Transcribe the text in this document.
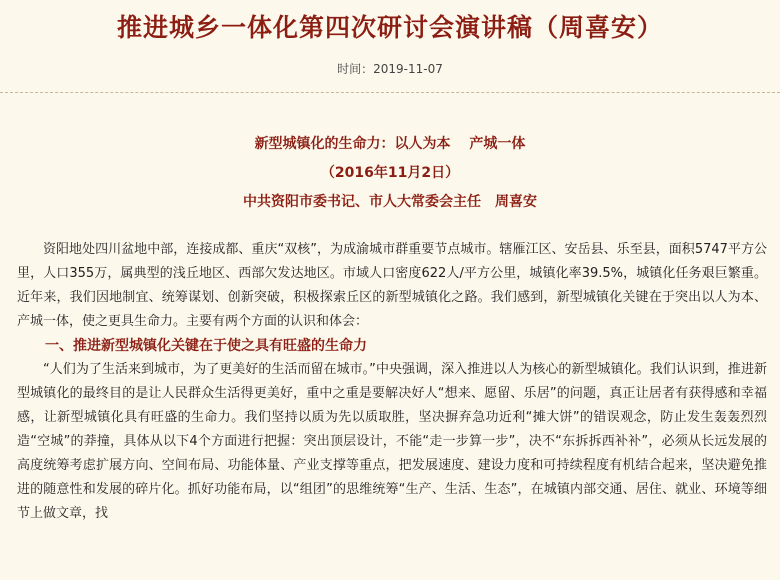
推进城乡一体化第四次研讨会演讲稿（周喜安）
时间：2019-11-07
新型城镇化的生命力：以人为本　 产城一体
（2016年11月2日）
中共资阳市委书记、市人大常委会主任　周喜安

资阳地处四川盆地中部，连接成都、重庆“双核”，为成渝城市群重要节点城市。辖雁江区、安岳县、乐至县，面积5747平方公里，人口355万，属典型的浅丘地区、西部欠发达地区。市域人口密度622人/平方公里，城镇化率39.5%，城镇化任务艰巨繁重。近年来，我们因地制宜、统筹谋划、创新突破，积极探索丘区的新型城镇化之路。我们感到，新型城镇化关键在于突出以人为本、产城一体，使之更具生命力。主要有两个方面的认识和体会：

一、推进新型城镇化关键在于使之具有旺盛的生命力

“人们为了生活来到城市，为了更美好的生活而留在城市。”中央强调，深入推进以人为核心的新型城镇化。我们认识到，推进新型城镇化的最终目的是让人民群众生活得更美好，重中之重是要解决好人“想来、愿留、乐居”的问题，真正让居者有获得感和幸福感，让新型城镇化具有旺盛的生命力。我们坚持以质为先以质取胜，坚决摒弃急功近利“摊大饼”的错误观念，防止发生轰轰烈烈造“空城”的莽撞，具体从以下4个方面进行把握：突出顶层设计，不能“走一步算一步”，决不“东拆拆西补补”，必须从长远发展的高度统筹考虑扩展方向、空间布局、功能体量、产业支撑等重点，把发展速度、建设力度和可持续程度有机结合起来，坚决避免推进的随意性和发展的碎片化。抓好功能布局，以“组团”的思维统筹“生产、生活、生态”，在城镇内部交通、居住、就业、环境等细节上做文章，找
